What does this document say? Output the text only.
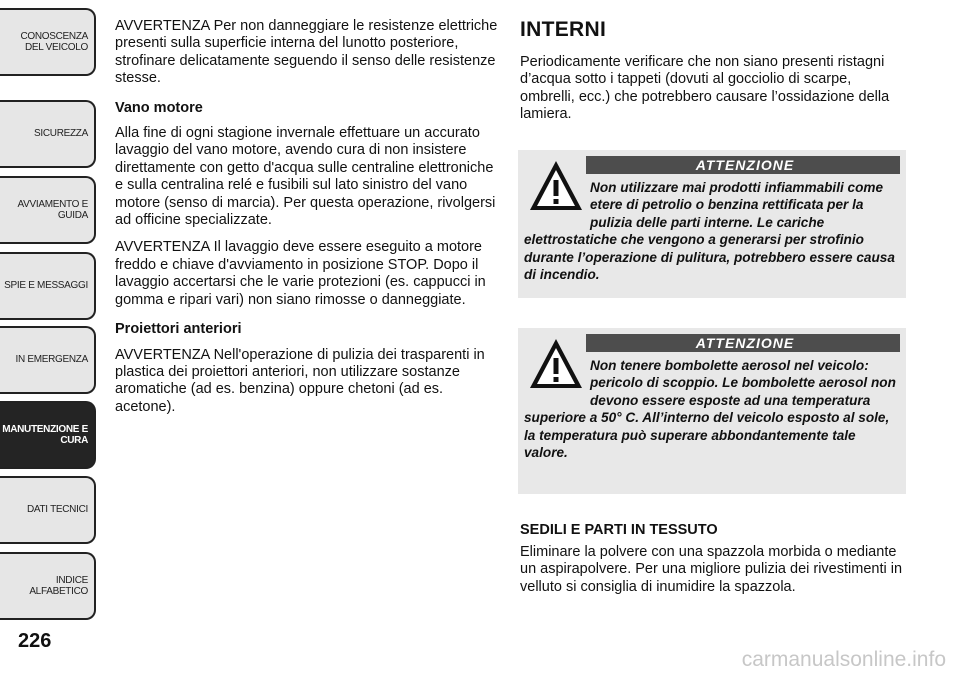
CONOSCENZA DEL VEICOLO
SICUREZZA
AVVIAMENTO E GUIDA
SPIE E MESSAGGI
IN EMERGENZA
MANUTENZIONE E CURA
DATI TECNICI
INDICE ALFABETICO
226

AVVERTENZA Per non danneggiare le resistenze elettriche presenti sulla superficie interna del lunotto posteriore, strofinare delicatamente seguendo il senso delle resistenze stesse.

Vano motore

Alla fine di ogni stagione invernale effettuare un accurato lavaggio del vano motore, avendo cura di non insistere direttamente con getto d'acqua sulle centraline elettroniche e sulla centralina relé e fusibili sul lato sinistro del vano motore (senso di marcia). Per questa operazione, rivolgersi ad officine specializzate.

AVVERTENZA Il lavaggio deve essere eseguito a motore freddo e chiave d'avviamento in posizione STOP. Dopo il lavaggio accertarsi che le varie protezioni (es. cappucci in gomma e ripari vari) non siano rimosse o danneggiate.

Proiettori anteriori

AVVERTENZA Nell'operazione di pulizia dei trasparenti in plastica dei proiettori anteriori, non utilizzare sostanze aromatiche (ad es. benzina) oppure chetoni (ad es. acetone).

INTERNI

Periodicamente verificare che non siano presenti ristagni d’acqua sotto i tappeti (dovuti al gocciolio di scarpe, ombrelli, ecc.) che potrebbero causare l’ossidazione della lamiera.

ATTENZIONE
Non utilizzare mai prodotti infiammabili come etere di petrolio o benzina rettificata per la pulizia delle parti interne. Le cariche elettrostatiche che vengono a generarsi per strofinio durante l’operazione di pulitura, potrebbero essere causa di incendio.
ATTENZIONE
Non tenere bombolette aerosol nel veicolo: pericolo di scoppio. Le bombolette aerosol non devono essere esposte ad una temperatura superiore a 50° C. All’interno del veicolo esposto al sole, la temperatura può superare abbondantemente tale valore.
SEDILI E PARTI IN TESSUTO

Eliminare la polvere con una spazzola morbida o mediante un aspirapolvere. Per una migliore pulizia dei rivestimenti in velluto si consiglia di inumidire la spazzola.

carmanualsonline.info
